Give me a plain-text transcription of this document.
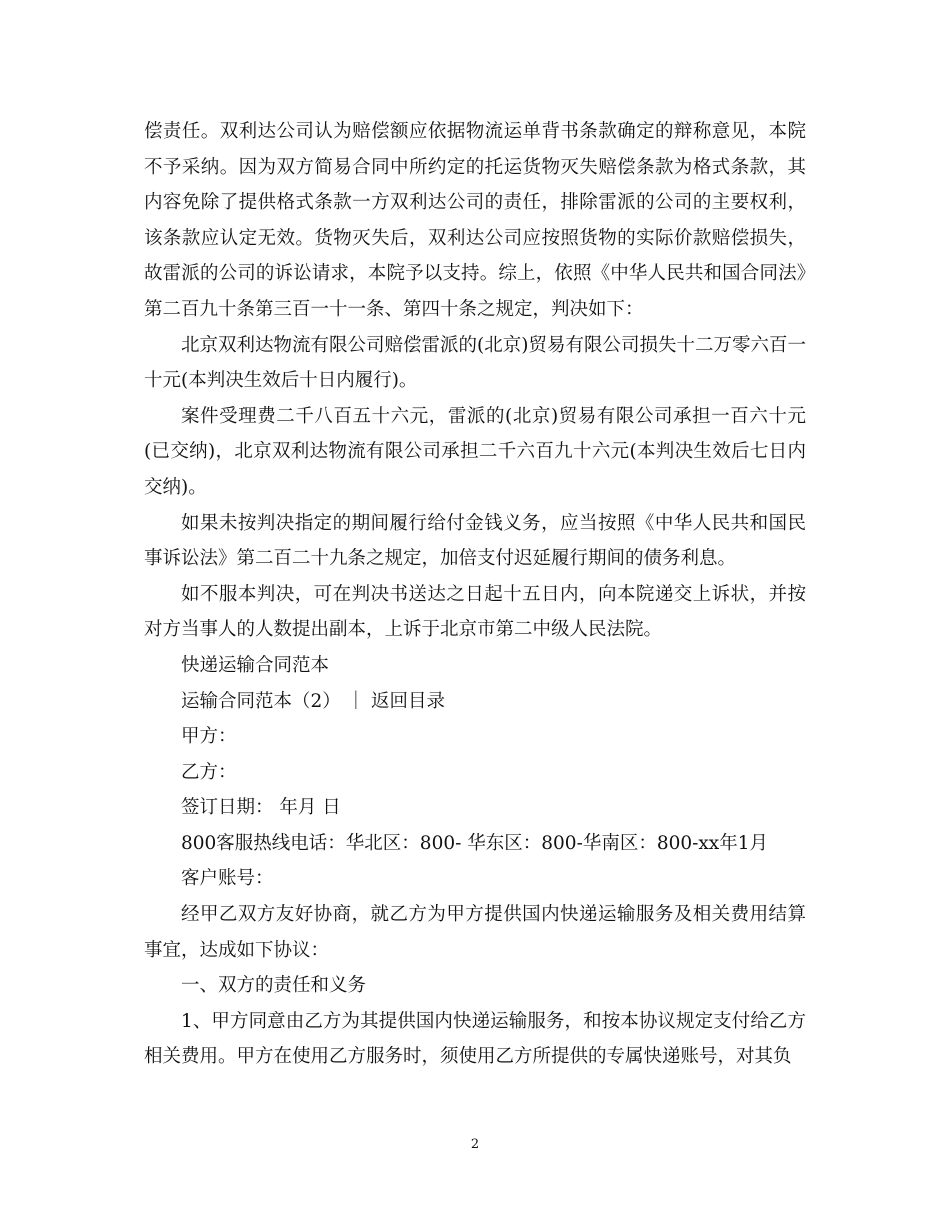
偿责任。双利达公司认为赔偿额应依据物流运单背书条款确定的辩称意见，本院不予采纳。因为双方简易合同中所约定的托运货物灭失赔偿条款为格式条款，其内容免除了提供格式条款一方双利达公司的责任，排除雷派的公司的主要权利，该条款应认定无效。货物灭失后，双利达公司应按照货物的实际价款赔偿损失，故雷派的公司的诉讼请求，本院予以支持。综上，依照《中华人民共和国合同法》第二百九十条第三百一十一条、第四十条之规定，判决如下：

北京双利达物流有限公司赔偿雷派的(北京)贸易有限公司损失十二万零六百一十元(本判决生效后十日内履行)。

案件受理费二千八百五十六元，雷派的(北京)贸易有限公司承担一百六十元(已交纳)，北京双利达物流有限公司承担二千六百九十六元(本判决生效后七日内交纳)。

如果未按判决指定的期间履行给付金钱义务，应当按照《中华人民共和国民事诉讼法》第二百二十九条之规定，加倍支付迟延履行期间的债务利息。

如不服本判决，可在判决书送达之日起十五日内，向本院递交上诉状，并按对方当事人的人数提出副本，上诉于北京市第二中级人民法院。

快递运输合同范本

运输合同范本（2） ｜ 返回目录

甲方：

乙方：

签订日期： 年月 日

800客服热线电话：华北区：800- 华东区：800-华南区：800-xx年1月

客户账号：

经甲乙双方友好协商，就乙方为甲方提供国内快递运输服务及相关费用结算事宜，达成如下协议：

一、双方的责任和义务

1、甲方同意由乙方为其提供国内快递运输服务，和按本协议规定支付给乙方相关费用。甲方在使用乙方服务时，须使用乙方所提供的专属快递账号，对其负

2
